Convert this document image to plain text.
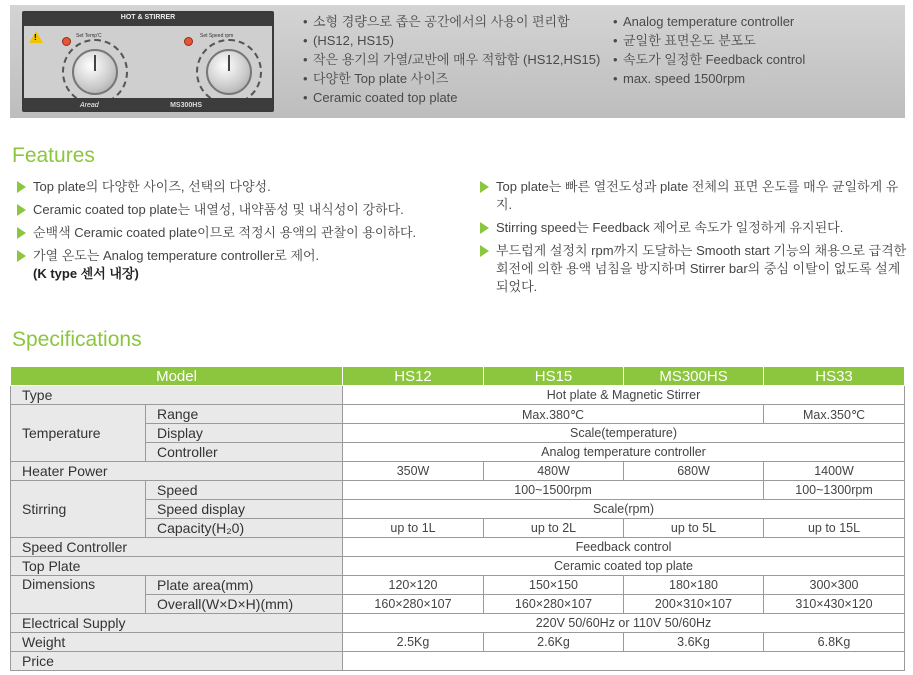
HOT & STIRRER
!	Set Temp'C	Set Speed rpm
Aread	MS300HS
• 소형 경량으로 좁은 공간에서의 사용이 편리함
• (HS12, HS15)
• 작은 용기의 가열/교반에 매우 적합함 (HS12,HS15)
• 다양한 Top plate 사이즈
• Ceramic coated top plate
• Analog temperature controller
• 균일한 표면온도 분포도
• 속도가 일정한 Feedback control
• max. speed 1500rpm
Features
Top plate의 다양한 사이즈, 선택의 다양성.
Ceramic coated top plate는 내열성, 내약품성 및 내식성이 강하다.
순백색 Ceramic coated plate이므로 적정시 용액의 관찰이 용이하다.
가열 온도는 Analog temperature controller로 제어.
(K type 센서 내장)
Top plate는 빠른 열전도성과 plate 전체의 표면 온도를 매우 균일하게 유지.
Stirring speed는 Feedback 제어로 속도가 일정하게 유지된다.
부드럽게 설정치 rpm까지 도달하는 Smooth start 기능의 채용으로 급격한 회전에 의한 용액 넘침을 방지하며 Stirrer bar의 중심 이탈이 없도록 설계되었다.
Specifications
Model		HS12	HS15	MS300HS	HS33
Type		Hot plate & Magnetic Stirrer			
Temperature	Range	Max.380℃			Max.350℃
	Display	Scale(temperature)			
	Controller	Analog temperature controller			
Heater Power		350W	480W	680W	1400W
Stirring	Speed	100~1500rpm			100~1300rpm
	Speed display	Scale(rpm)			
	Capacity(H₂0)	up to 1L	up to 2L	up to 5L	up to 15L
Speed Controller		Feedback control			
Top Plate		Ceramic coated top plate			
Dimensions	Plate area(mm)	120×120	150×150	180×180	300×300
	Overall(W×D×H)(mm)	160×280×107	160×280×107	200×310×107	310×430×120
Electrical Supply		220V 50/60Hz or 110V 50/60Hz			
Weight		2.5Kg	2.6Kg	3.6Kg	6.8Kg
Price					
